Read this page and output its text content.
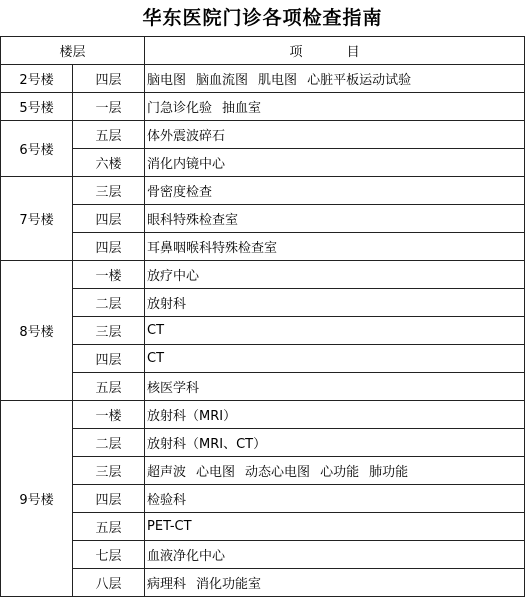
华东医院门诊各项检查指南
楼层		项 目
2号楼	四层	脑电图 脑血流图 肌电图 心脏平板运动试验
5号楼	一层	门急诊化验 抽血室
6号楼	五层	体外震波碎石
	六楼	消化内镜中心
7号楼	三层	骨密度检查
	四层	眼科特殊检查室
	四层	耳鼻咽喉科特殊检查室
8号楼	一楼	放疗中心
	二层	放射科
	三层	CT
	四层	CT
	五层	核医学科
9号楼	一楼	放射科（MRI）
	二层	放射科（MRI、CT）
	三层	超声波 心电图 动态心电图 心功能 肺功能
	四层	检验科
	五层	PET-CT
	七层	血液净化中心
	八层	病理科 消化功能室
